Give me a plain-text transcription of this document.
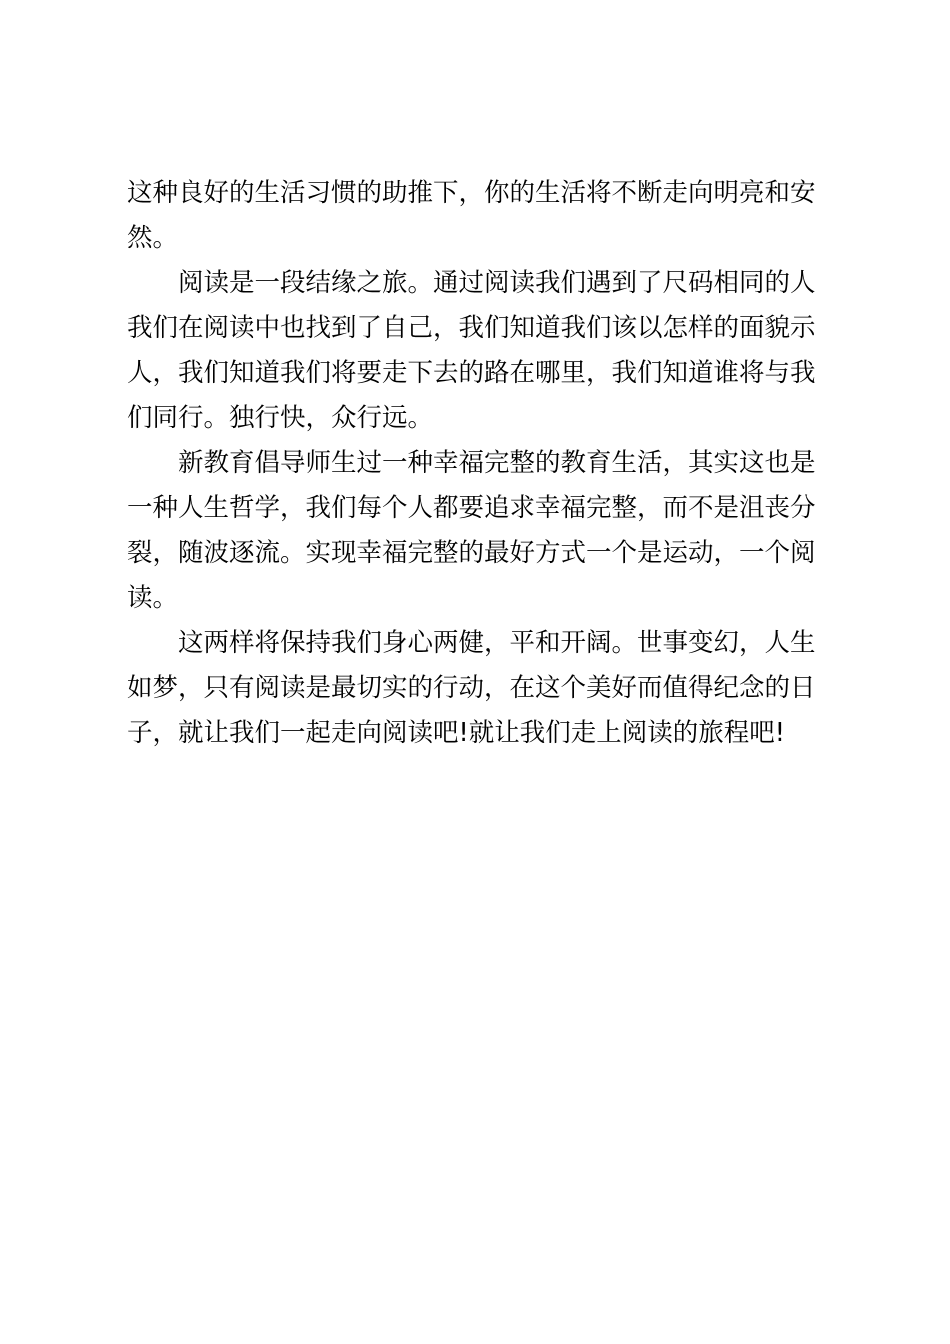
这种良好的生活习惯的助推下，你的生活将不断走向明亮和安
然。
阅读是一段结缘之旅。通过阅读我们遇到了尺码相同的人
我们在阅读中也找到了自己，我们知道我们该以怎样的面貌示
人，我们知道我们将要走下去的路在哪里，我们知道谁将与我
们同行。独行快，众行远。
新教育倡导师生过一种幸福完整的教育生活，其实这也是
一种人生哲学，我们每个人都要追求幸福完整，而不是沮丧分
裂，随波逐流。实现幸福完整的最好方式一个是运动，一个阅
读。
这两样将保持我们身心两健，平和开阔。世事变幻，人生
如梦，只有阅读是最切实的行动，在这个美好而值得纪念的日
子，就让我们一起走向阅读吧!就让我们走上阅读的旅程吧!
